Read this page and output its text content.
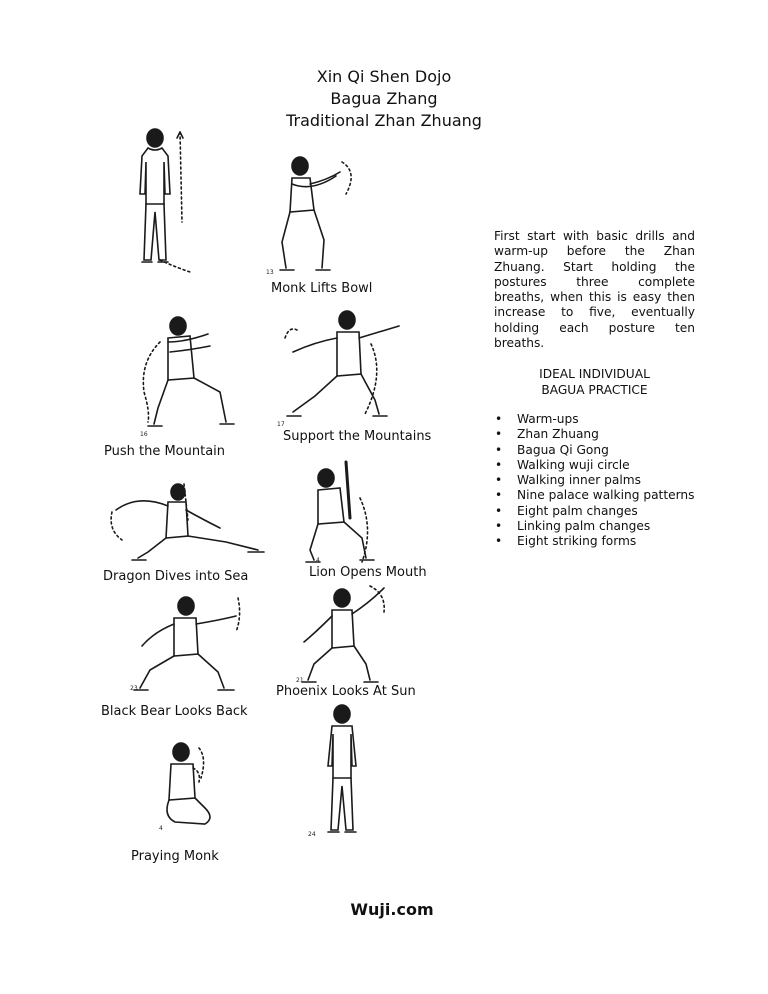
Xin Qi Shen Dojo
Bagua Zhang
Traditional Zhan Zhuang
13
Monk Lifts Bowl
16
Push the Mountain
17
Support the Mountains
Dragon Dives into Sea
4
Lion Opens Mouth
23
Black Bear Looks Back
21
Phoenix Looks At Sun
4
Praying Monk
24
First start with basic drills and warm-up before the Zhan Zhuang. Start holding the postures three complete breaths, when this is easy then increase to five, eventually holding each posture ten breaths.
IDEAL INDIVIDUAL
BAGUA PRACTICE
• Warm-ups
• Zhan Zhuang
• Bagua Qi Gong
• Walking wuji circle
• Walking inner palms
• Nine palace walking patterns
• Eight palm changes
• Linking palm changes
• Eight striking forms
Wuji.com
